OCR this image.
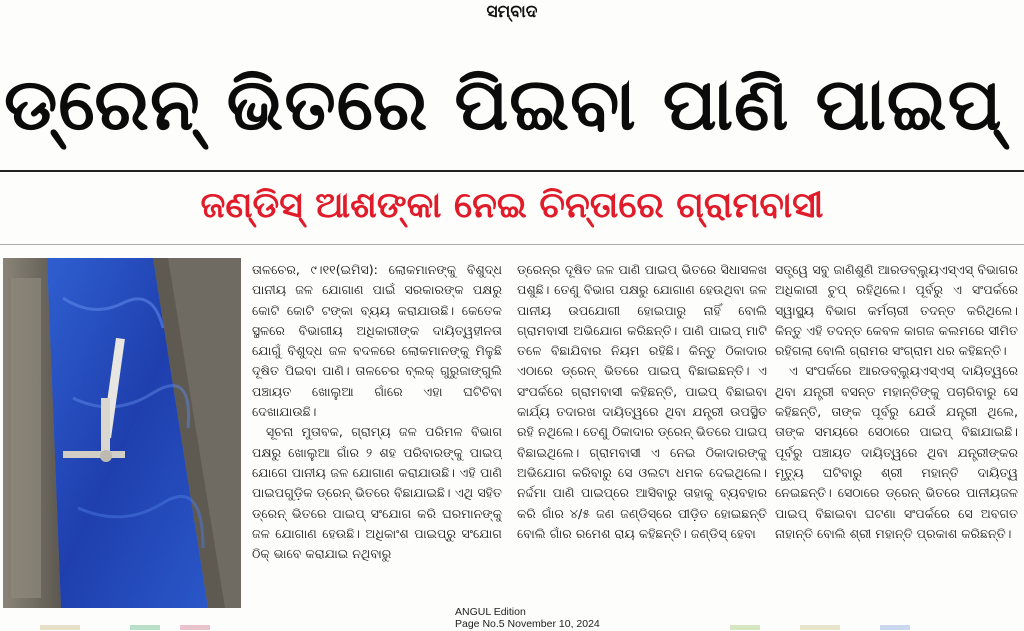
ସମ୍ବାଦ
ଡ୍ରେନ୍ ଭିତରେ ପିଇବା ପାଣି ପାଇପ୍
ଜଣ୍ଡିସ୍ ଆଶଙ୍କା ନେଇ ଚିନ୍ତାରେ ଗ୍ରାମବାସୀ

ତାଳଚେର, ୯।୧୧(ଇମିସ): ଲୋକମାନଙ୍କୁ ବିଶୁଦ୍ଧ ପାନୀୟ ଜଳ ଯୋଗାଣ ପାଇଁ ସରକାରଙ୍କ ପକ୍ଷରୁ କୋଟି କୋଟି ଟଙ୍କା ବ୍ୟୟ କରାଯାଉଛି। କେତେକ ସ୍ଥଳରେ ବିଭାଗୀୟ ଅଧିକାରୀଙ୍କ ଦାୟିତ୍ୱହୀନତା ଯୋଗୁଁ ବିଶୁଦ୍ଧ ଜଳ ବଦଳରେ ଲୋକମାନଙ୍କୁ ମିଳୁଛି ଦୂଷିତ ପିଇବା ପାଣି। ତାଳଚେର ବ୍ଲକ୍ ଗୁରୁଜାଙ୍ଗୁଲି ପଞ୍ଚାୟତ ଖୋଲୁଆ ଗାଁରେ ଏହା ଘଟିଚିବା ଦେଖାଯାଉଛି।

ସୂଚନା ମୁତାବକ, ଗ୍ରାମ୍ୟ ଜଳ ପରିମଳ ବିଭାଗ ପକ୍ଷରୁ ଖୋଲୁଆ ଗାଁର ୨ ଶହ ପରିବାରଙ୍କୁ ପାଇପ୍ ଯୋଗେ ପାନୀୟ ଜଳ ଯୋଗାଣ କରାଯାଉଛି। ଏହି ପାଣି ପାଇପଗୁଡ଼ିକ ଡ୍ରେନ୍ ଭିତରେ ବିଛାଯାଇଛି। ଏଥି ସହିତ ଡ୍ରେନ୍ ଭିତରେ ପାଇପ୍ ସଂଯୋଗ କରି ଘରମାନଙ୍କୁ ଜଳ ଯୋଗାଣ ହେଉଛି। ଅଧିକାଂଶ ପାଇପ୍‌ରୁ ସଂଯୋଗ ଠିକ୍ ଭାବେ କରାଯାଇ ନଥିବାରୁ

ଡ୍ରେନ୍‌ର ଦୂଷିତ ଜଳ ପାଣି ପାଇପ୍ ଭିତରେ ସିଧାସଳଖ ପଶୁଛି। ତେଣୁ ବିଭାଗ ପକ୍ଷରୁ ଯୋଗାଣ ହେଉଥିବା ଜଳ ପାନୀୟ ଉପଯୋଗୀ ହୋଇପାରୁ ନାହିଁ ବୋଲି ଗ୍ରାମବାସୀ ଅଭିଯୋଗ କରିଛନ୍ତି। ପାଣି ପାଇପ୍ ମାଟି ତଳେ ବିଛାଯିବାର ନିୟମ ରହିଛି। କିନ୍ତୁ ଠିକାଦାର ଏଠାରେ ଡ୍ରେନ୍ ଭିତରେ ପାଇପ୍ ବିଛାଇଛନ୍ତି। ଏ ସଂପର୍କରେ ଗ୍ରାମବାସୀ କହିଛନ୍ତି, ପାଇପ୍ ବିଛାଇବା କାର୍ଯ୍ୟ ତଦାରଖ ଦାୟିତ୍ୱରେ ଥିବା ଯନ୍ତ୍ରୀ ଉପସ୍ଥିତ ରହି ନଥିଲେ। ତେଣୁ ଠିକାଦାର ଡ୍ରେନ୍ ଭିତରେ ପାଇପ୍ ବିଛାଇଥିଲେ। ଗ୍ରାମବାସୀ ଏ ନେଇ ଠିକାଦାରଙ୍କୁ ଅଭିଯୋଗ କରିବାରୁ ସେ ଓଲଟା ଧମକ ଦେଇଥିଲେ। ନର୍ଦ୍ଦମା ପାଣି ପାଇପ୍‌ରେ ଆସିବାରୁ ତାହାକୁ ବ୍ୟବହାର କରି ଗାଁର ୪/୫ ଜଣ ଜଣ୍ଡିସ୍‌ରେ ପୀଡ଼ିତ ହୋଇଛନ୍ତି ବୋଲି ଗାଁର ରମେଶ ରାୟ କହିଛନ୍ତି। ଜଣ୍ଡିସ୍ ହେବା

ସତ୍ତ୍ୱେ ସବୁ ଜାଣିଶୁଣି ଆରଡବ୍ଲ୍ୟୁଏସ୍‌ଏସ୍ ବିଭାଗର ଅଧିକାରୀ ଚୁପ୍ ରହିଥିଲେ। ପୂର୍ବରୁ ଏ ସଂପର୍କରେ ସ୍ୱାସ୍ଥ୍ୟ ବିଭାଗ କର୍ମଚାରୀ ତଦନ୍ତ କରିଥିଲେ। କିନ୍ତୁ ଏହି ତଦନ୍ତ କେବଳ କାଗଜ କଲମରେ ସୀମିତ ରହିଗଲା ବୋଲି ଗ୍ରାମର ସଂଗ୍ରାମ ଧର କହିଛନ୍ତି।

ଏ ସଂପର୍କରେ ଆରଡବ୍ଲ୍ୟୁଏସ୍‌ଏସ୍ ଦାୟିତ୍ୱରେ ଥିବା ଯନ୍ତ୍ରୀ ବସନ୍ତ ମହାନ୍ତିଙ୍କୁ ପଚାରିବାରୁ ସେ କହିଛନ୍ତି, ତାଙ୍କ ପୂର୍ବରୁ ଯେଉଁ ଯନ୍ତ୍ରୀ ଥିଲେ, ତାଙ୍କ ସମୟରେ ସେଠାରେ ପାଇପ୍ ବିଛାଯାଇଛି। ପୂର୍ବରୁ ପଞ୍ଚାୟତ ଦାୟିତ୍ୱରେ ଥିବା ଯନ୍ତ୍ରୀଙ୍କର ମୃତ୍ୟୁ ଘଟିବାରୁ ଶ୍ରୀ ମହାନ୍ତି ଦାୟିତ୍ୱ ନେଇଛନ୍ତି। ସେଠାରେ ଡ୍ରେନ୍ ଭିତରେ ପାନୀୟଜଳ ପାଇପ୍ ବିଛାଇବା ଘଟଣା ସଂପର୍କରେ ସେ ଅବଗତ ନାହାନ୍ତି ବୋଲି ଶ୍ରୀ ମହାନ୍ତି ପ୍ରକାଶ କରିଛନ୍ତି।

ANGUL Edition
Page No.5 November 10, 2024
